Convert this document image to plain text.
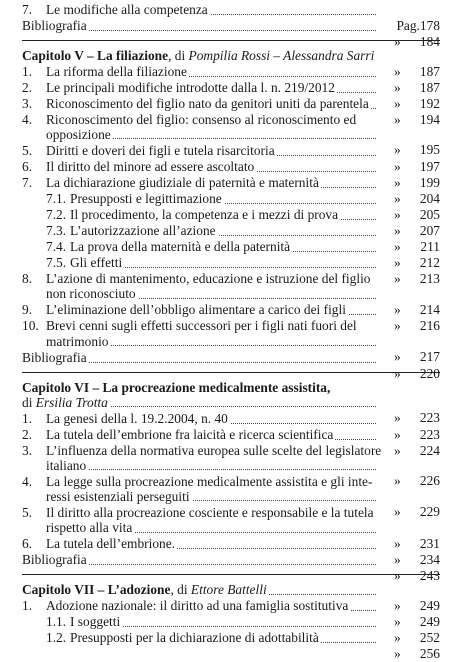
7. Le modifiche alla competenza
Pag.178
Bibliografia
» 184
Capitolo V – La filiazione, di Pompilia Rossi – Alessandra Sarri
» 187
1. La riforma della filiazione
» 187
2. Le principali modifiche introdotte dalla l. n. 219/2012
» 192
3. Riconoscimento del figlio nato da genitori uniti da parentela
» 194
4. Riconoscimento del figlio: consenso al riconoscimento ed
opposizione
» 195
5. Diritti e doveri dei figli e tutela risarcitoria
» 197
6. Il diritto del minore ad essere ascoltato
» 199
7. La dichiarazione giudiziale di paternità e maternità
» 204
7.1. Presupposti e legittimazione
» 205
7.2. Il procedimento, la competenza e i mezzi di prova
» 207
7.3. L’autorizzazione all’azione
» 211
7.4. La prova della maternità e della paternità
» 212
7.5. Gli effetti
» 213
8. L’azione di mantenimento, educazione e istruzione del figlio
non riconosciuto
» 214
9. L’eliminazione dell’obbligo alimentare a carico dei figli
» 216
10. Brevi cenni sugli effetti successori per i figli nati fuori del
matrimonio
» 217
Bibliografia
» 220
Capitolo VI – La procreazione medicalmente assistita,
di Ersilia Trotta
» 223
1. La genesi della l. 19.2.2004, n. 40
» 223
2. La tutela dell’embrione fra laicità e ricerca scientifica
» 224
3. L’influenza della normativa europea sulle scelte del legislatore
italiano
» 226
4. La legge sulla procreazione medicalmente assistita e gli inte-
ressi esistenziali perseguiti
» 229
5. Il diritto alla procreazione cosciente e responsabile e la tutela
rispetto alla vita
» 231
6. La tutela dell’embrione.
» 234
Bibliografia
» 243
Capitolo VII – L’adozione, di Ettore Battelli
» 249
1. Adozione nazionale: il diritto ad una famiglia sostitutiva
» 249
1.1. I soggetti
» 252
1.2. Presupposti per la dichiarazione di adottabilità
» 256
